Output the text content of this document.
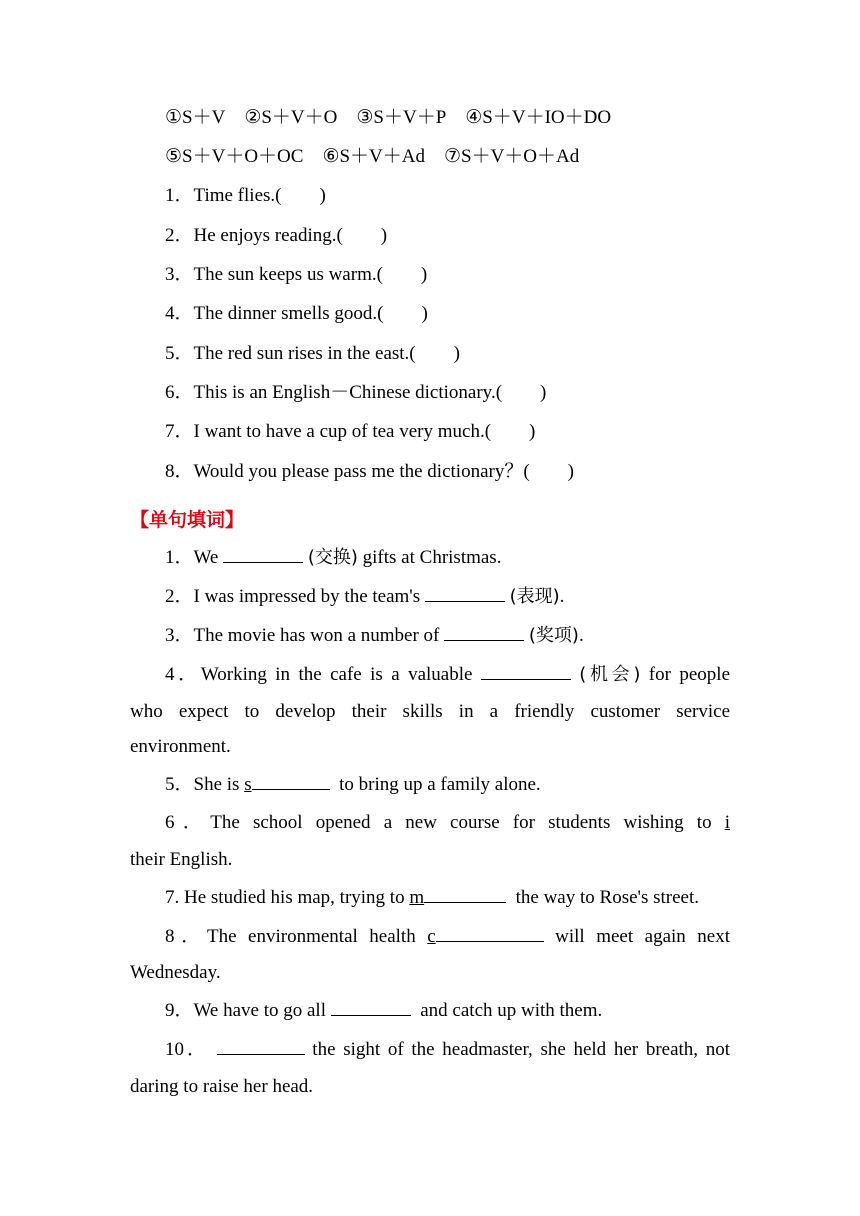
①S＋V ②S＋V＋O ③S＋V＋P ④S＋V＋IO＋DO
⑤S＋V＋O＋OC ⑥S＋V＋Ad ⑦S＋V＋O＋Ad
1．Time flies.(　　)
2．He enjoys reading.(　　)
3．The sun keeps us warm.(　　)
4．The dinner smells good.(　　)
5．The red sun rises in the east.(　　)
6．This is an English－Chinese dictionary.(　　)
7．I want to have a cup of tea very much.(　　)
8．Would you please pass me the dictionary？(　　)
【单句填词】
1．We	(交换) gifts at Christmas.
2．I was impressed by the team's	(表现).
3．The movie has won a number of	(奖项).
4．Working in the cafe is a valuable	(机会) for people
who expect to develop their skills in a friendly customer service
environment.
5．She is s	to bring up a family alone.
6．The school opened a new course for students wishing to i
their English.
7. He studied his map, trying to m	the way to Rose's street.
8．The environmental health c	will meet again next
Wednesday.
9．We have to go all	and catch up with them.
10．	the sight of the headmaster, she held her breath, not
daring to raise her head.
